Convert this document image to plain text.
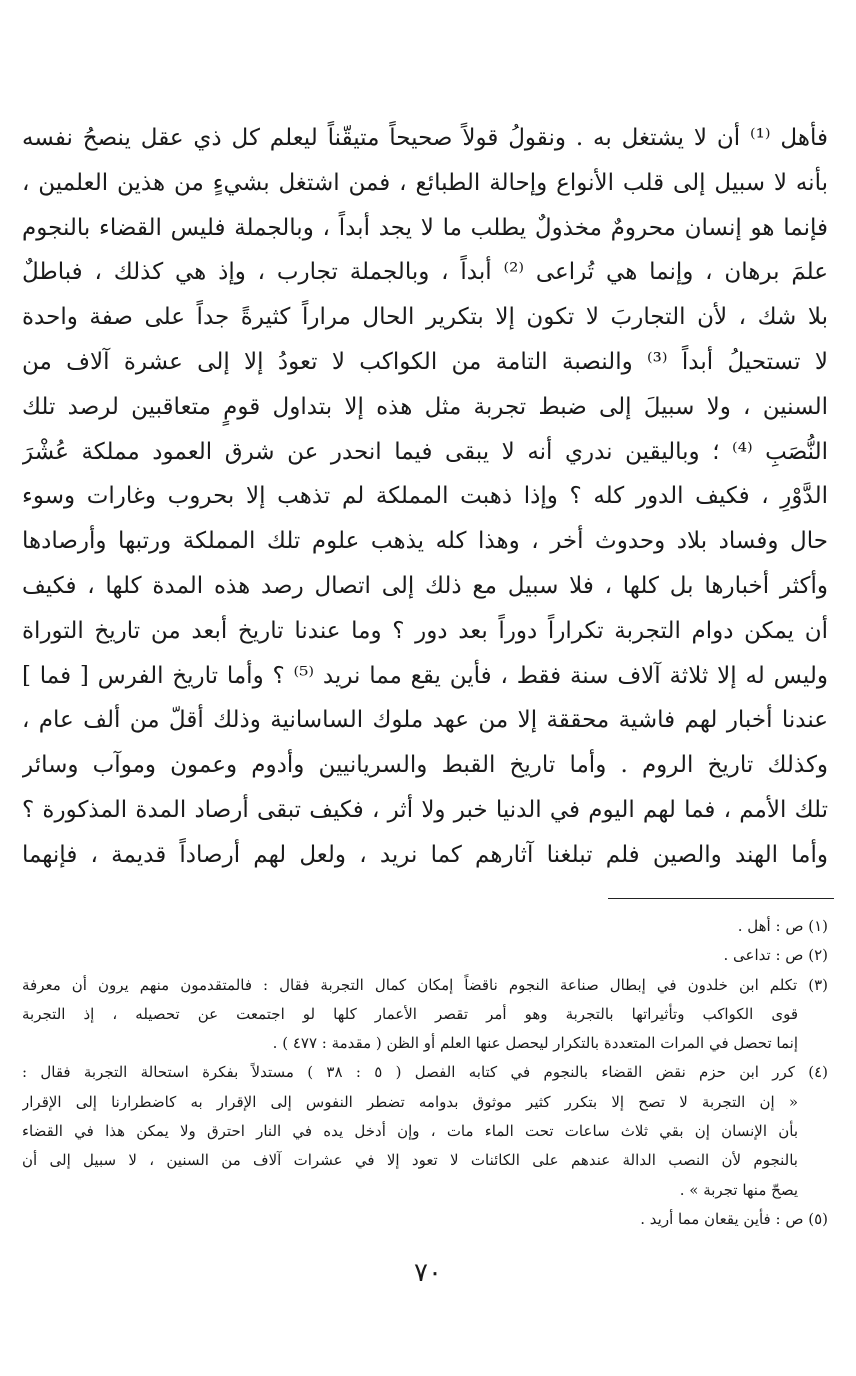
فأهل ⁽¹⁾ أن لا يشتغل به . ونقولُ قولاً صحيحاً متيقّناً ليعلم كل ذي عقل ينصحُ نفسه
بأنه لا سبيل إلى قلب الأنواع وإحالة الطبائع ، فمن اشتغل بشيءٍ من هذين العلمين ،
فإنما هو إنسان محرومٌ مخذولٌ يطلب ما لا يجد أبداً ، وبالجملة فليس القضاء بالنجوم
علمَ برهان ، وإنما هي تُراعى ⁽²⁾ أبداً ، وبالجملة تجارب ، وإذ هي كذلك ، فباطلٌ
بلا شك ، لأن التجاربَ لا تكون إلا بتكرير الحال مراراً كثيرةً جداً على صفة واحدة
لا تستحيلُ أبداً ⁽³⁾ والنصبة التامة من الكواكب لا تعودُ إلا إلى عشرة آلاف من
السنين ، ولا سبيلَ إلى ضبط تجربة مثل هذه إلا بتداول قومٍ متعاقبين لرصد تلك
النُّصَبِ ⁽⁴⁾ ؛ وباليقين ندري أنه لا يبقى فيما انحدر عن شرق العمود مملكة عُشْرَ
الدَّوْرِ ، فكيف الدور كله ؟ وإذا ذهبت المملكة لم تذهب إلا بحروب وغارات وسوء
حال وفساد بلاد وحدوث أخر ، وهذا كله يذهب علوم تلك المملكة ورتبها وأرصادها
وأكثر أخبارها بل كلها ، فلا سبيل مع ذلك إلى اتصال رصد هذه المدة كلها ، فكيف
أن يمكن دوام التجربة تكراراً دوراً بعد دور ؟ وما عندنا تاريخ أبعد من تاريخ التوراة
وليس له إلا ثلاثة آلاف سنة فقط ، فأين يقع مما نريد ⁽⁵⁾ ؟ وأما تاريخ الفرس [ فما ]
عندنا أخبار لهم فاشية محققة إلا من عهد ملوك الساسانية وذلك أقلّ من ألف عام ،
وكذلك تاريخ الروم . وأما تاريخ القبط والسريانيين وأدوم وعمون وموآب وسائر
تلك الأمم ، فما لهم اليوم في الدنيا خبر ولا أثر ، فكيف تبقى أرصاد المدة المذكورة ؟
وأما الهند والصين فلم تبلغنا آثارهم كما نريد ، ولعل لهم أرصاداً قديمة ، فإنهما
(١) ص : أهل .
(٢) ص : تداعى .
(٣) تكلم ابن خلدون في إبطال صناعة النجوم ناقضاً إمكان كمال التجربة فقال : فالمتقدمون منهم يرون أن معرفة
قوى الكواكب وتأثيراتها بالتجربة وهو أمر تقصر الأعمار كلها لو اجتمعت عن تحصيله ، إذ التجربة
إنما تحصل في المرات المتعددة بالتكرار ليحصل عنها العلم أو الظن ( مقدمة : ٤٧٧ ) .
(٤) كرر ابن حزم نقض القضاء بالنجوم في كتابه الفصل ( ٥ : ٣٨ ) مستدلاً بفكرة استحالة التجربة فقال :
« إن التجربة لا تصح إلا بتكرر كثير موثوق بدوامه تضطر النفوس إلى الإقرار به كاضطرارنا إلى الإقرار
بأن الإنسان إن بقي ثلاث ساعات تحت الماء مات ، وإن أدخل يده في النار احترق ولا يمكن هذا في القضاء
بالنجوم لأن النصب الدالة عندهم على الكائنات لا تعود إلا في عشرات آلاف من السنين ، لا سبيل إلى أن
يصحّ منها تجربة » .
(٥) ص : فأين يقعان مما أريد .
٧٠
